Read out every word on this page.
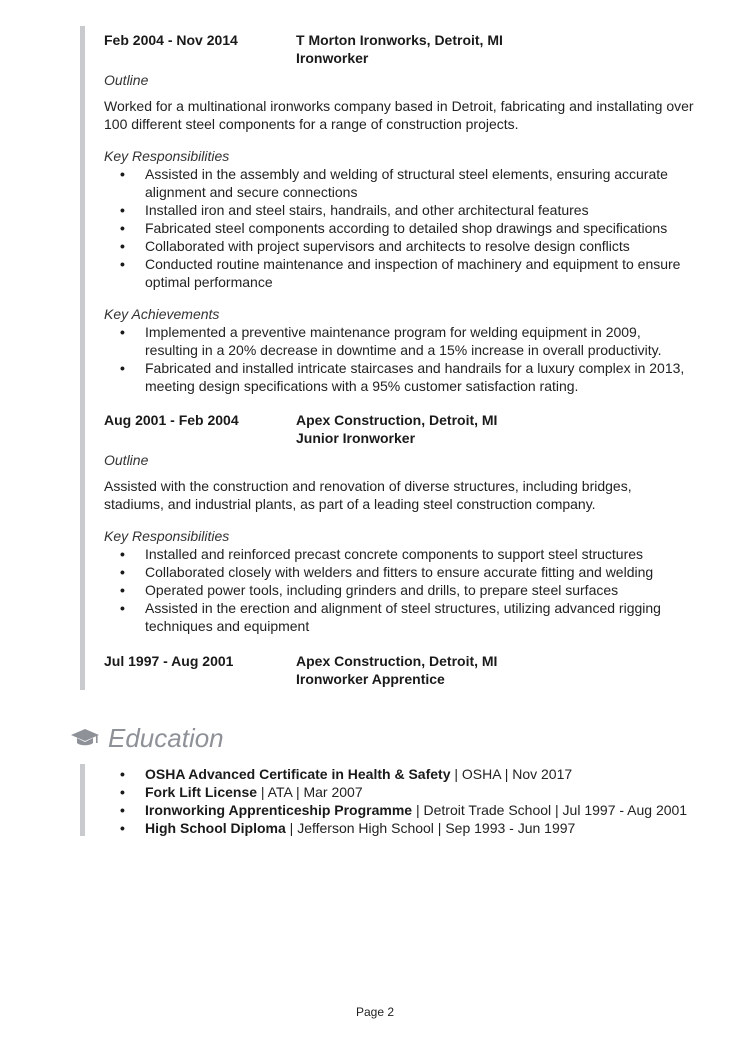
Feb 2004 - Nov 2014	T Morton Ironworks, Detroit, MI
Ironworker

Outline

Worked for a multinational ironworks company based in Detroit, fabricating and installating over 100 different steel components for a range of construction projects.

Key Responsibilities

• Assisted in the assembly and welding of structural steel elements, ensuring accurate alignment and secure connections
• Installed iron and steel stairs, handrails, and other architectural features
• Fabricated steel components according to detailed shop drawings and specifications
• Collaborated with project supervisors and architects to resolve design conflicts
• Conducted routine maintenance and inspection of machinery and equipment to ensure optimal performance

Key Achievements

• Implemented a preventive maintenance program for welding equipment in 2009, resulting in a 20% decrease in downtime and a 15% increase in overall productivity.
• Fabricated and installed intricate staircases and handrails for a luxury complex in 2013, meeting design specifications with a 95% customer satisfaction rating.
Aug 2001 - Feb 2004	Apex Construction, Detroit, MI
Junior Ironworker

Outline

Assisted with the construction and renovation of diverse structures, including bridges, stadiums, and industrial plants, as part of a leading steel construction company.

Key Responsibilities

• Installed and reinforced precast concrete components to support steel structures
• Collaborated closely with welders and fitters to ensure accurate fitting and welding
• Operated power tools, including grinders and drills, to prepare steel surfaces
• Assisted in the erection and alignment of steel structures, utilizing advanced rigging techniques and equipment
Jul 1997 - Aug 2001	Apex Construction, Detroit, MI
Ironworker Apprentice
Education
• OSHA Advanced Certificate in Health & Safety | OSHA | Nov 2017
• Fork Lift License | ATA | Mar 2007
• Ironworking Apprenticeship Programme | Detroit Trade School | Jul 1997 - Aug 2001
• High School Diploma | Jefferson High School | Sep 1993 - Jun 1997
Page 2
